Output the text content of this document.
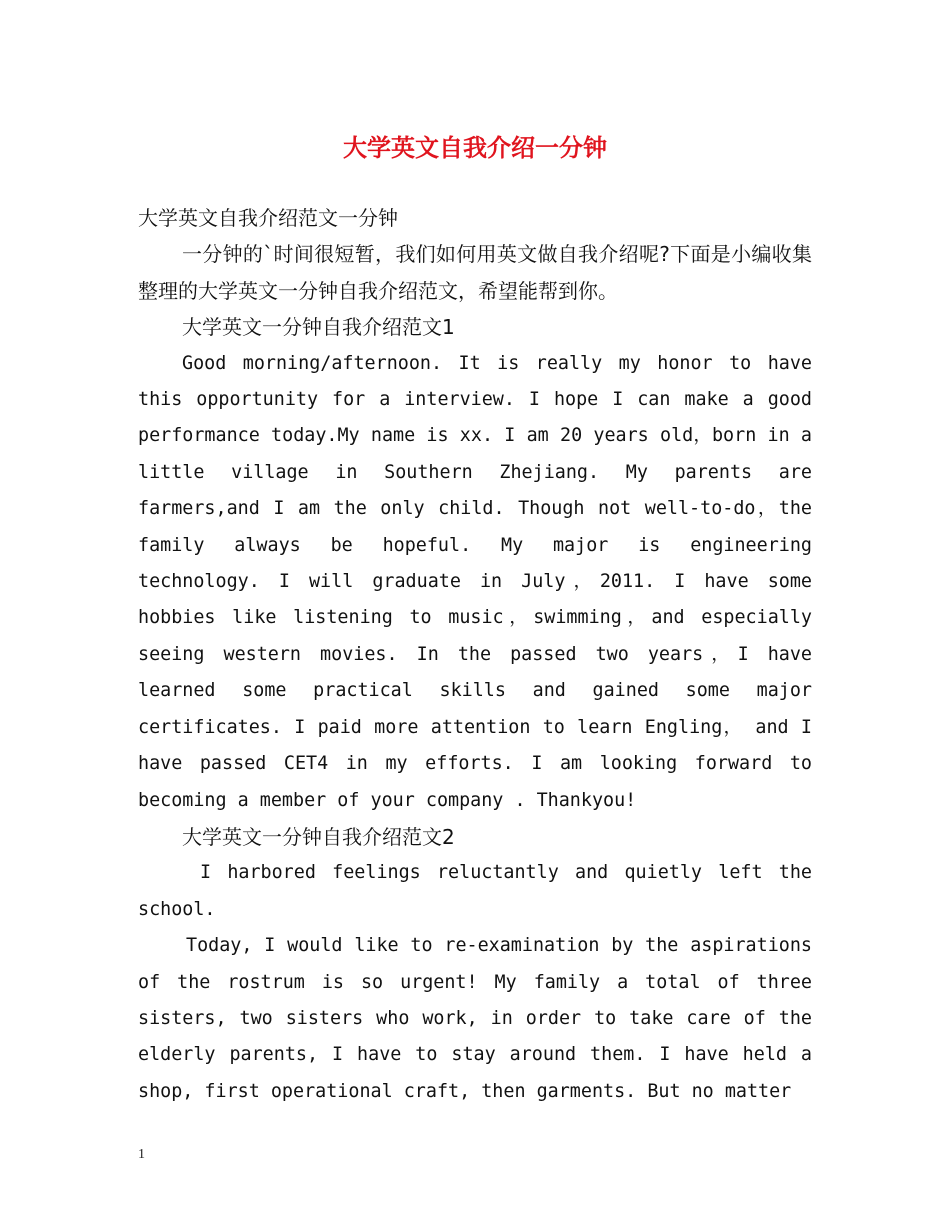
大学英文自我介绍一分钟

大学英文自我介绍范文一分钟

一分钟的`时间很短暂，我们如何用英文做自我介绍呢?下面是小编收集整理的大学英文一分钟自我介绍范文，希望能帮到你。

大学英文一分钟自我介绍范文1

Good morning/afternoon. It is really my honor to have this opportunity for a interview. I hope I can make a good performance today.My name is xx. I am 20 years old，born in a little village in Southern Zhejiang. My parents are farmers,and I am the only child. Though not well-to-do，the family always be hopeful. My major is engineering technology. I will graduate in July，2011. I have some hobbies like listening to music，swimming，and especially seeing western movies. In the passed two years，I have learned some practical skills and gained some major certificates. I paid more attention to learn Engling， and I have passed CET4 in my efforts. I am looking forward to becoming a member of your company . Thankyou!

大学英文一分钟自我介绍范文2

I harbored feelings reluctantly and quietly left the school.

Today, I would like to re-examination by the aspirations of the rostrum is so urgent! My family a total of three sisters, two sisters who work, in order to take care of the elderly parents, I have to stay around them. I have held a shop, first operational craft, then garments. But no matter

1
